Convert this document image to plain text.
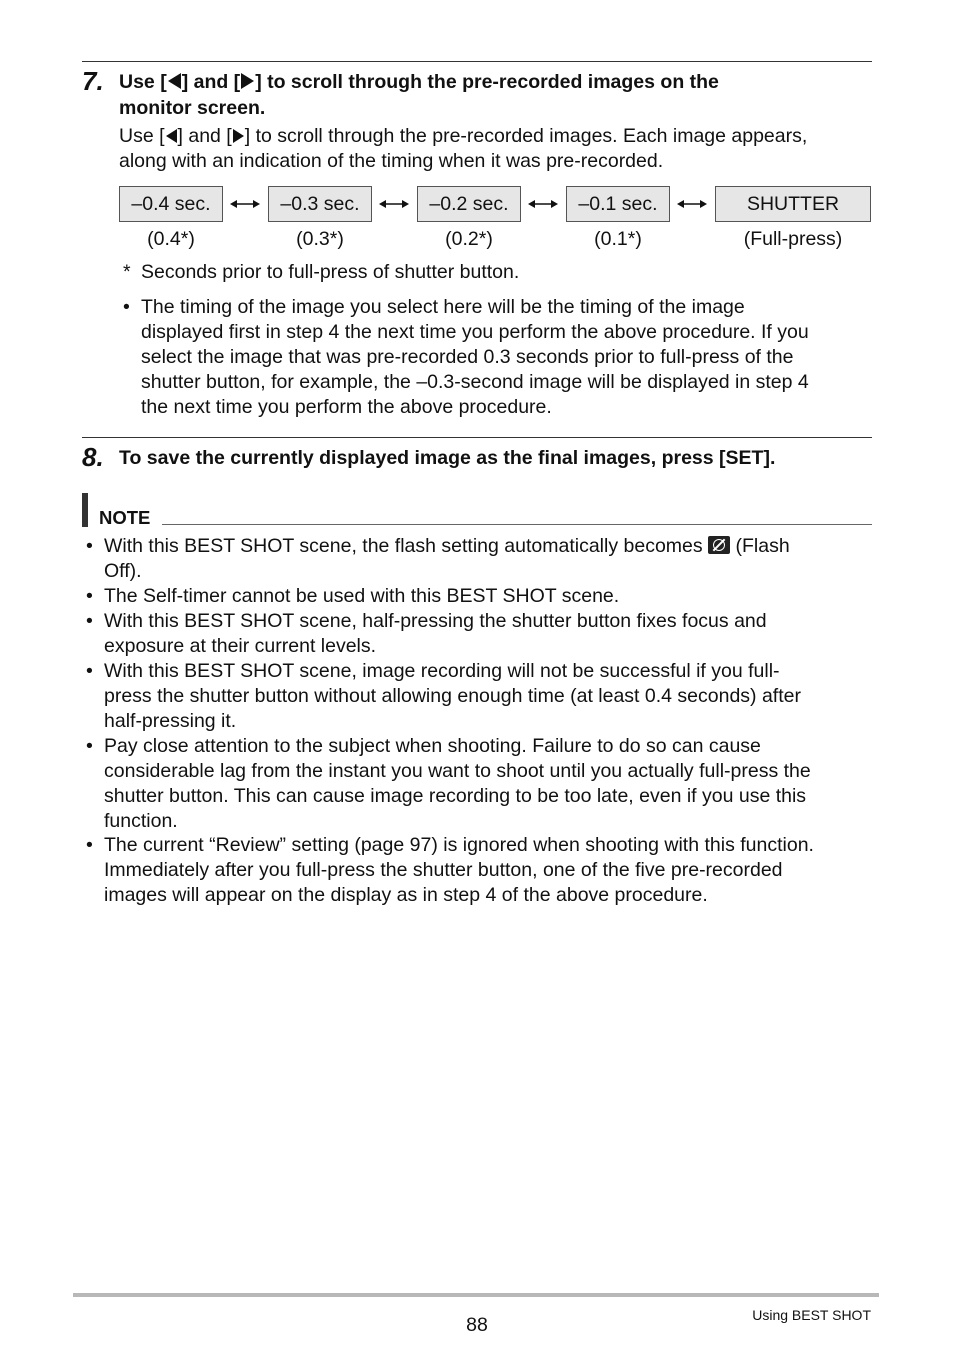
7. Use [ ] and [ ] to scroll through the pre-recorded images on the
monitor screen.
Use [ ] and [ ] to scroll through the pre-recorded images. Each image appears,
along with an indication of the timing when it was pre-recorded.
–0.4 sec.	–0.3 sec.	–0.2 sec.	–0.1 sec.	SHUTTER
(0.4*)	(0.3*)	(0.2*)	(0.1*)	(Full-press)
* Seconds prior to full-press of shutter button.
• The timing of the image you select here will be the timing of the image
displayed first in step 4 the next time you perform the above procedure. If you
select the image that was pre-recorded 0.3 seconds prior to full-press of the
shutter button, for example, the –0.3-second image will be displayed in step 4
the next time you perform the above procedure.
8. To save the currently displayed image as the final images, press [SET].
NOTE
• With this BEST SHOT scene, the flash setting automatically becomes (Flash
Off).
• The Self-timer cannot be used with this BEST SHOT scene.
• With this BEST SHOT scene, half-pressing the shutter button fixes focus and
exposure at their current levels.
• With this BEST SHOT scene, image recording will not be successful if you full-
press the shutter button without allowing enough time (at least 0.4 seconds) after
half-pressing it.
• Pay close attention to the subject when shooting. Failure to do so can cause
considerable lag from the instant you want to shoot until you actually full-press the
shutter button. This can cause image recording to be too late, even if you use this
function.
• The current “Review” setting (page 97) is ignored when shooting with this function.
Immediately after you full-press the shutter button, one of the five pre-recorded
images will appear on the display as in step 4 of the above procedure.
88	Using BEST SHOT
